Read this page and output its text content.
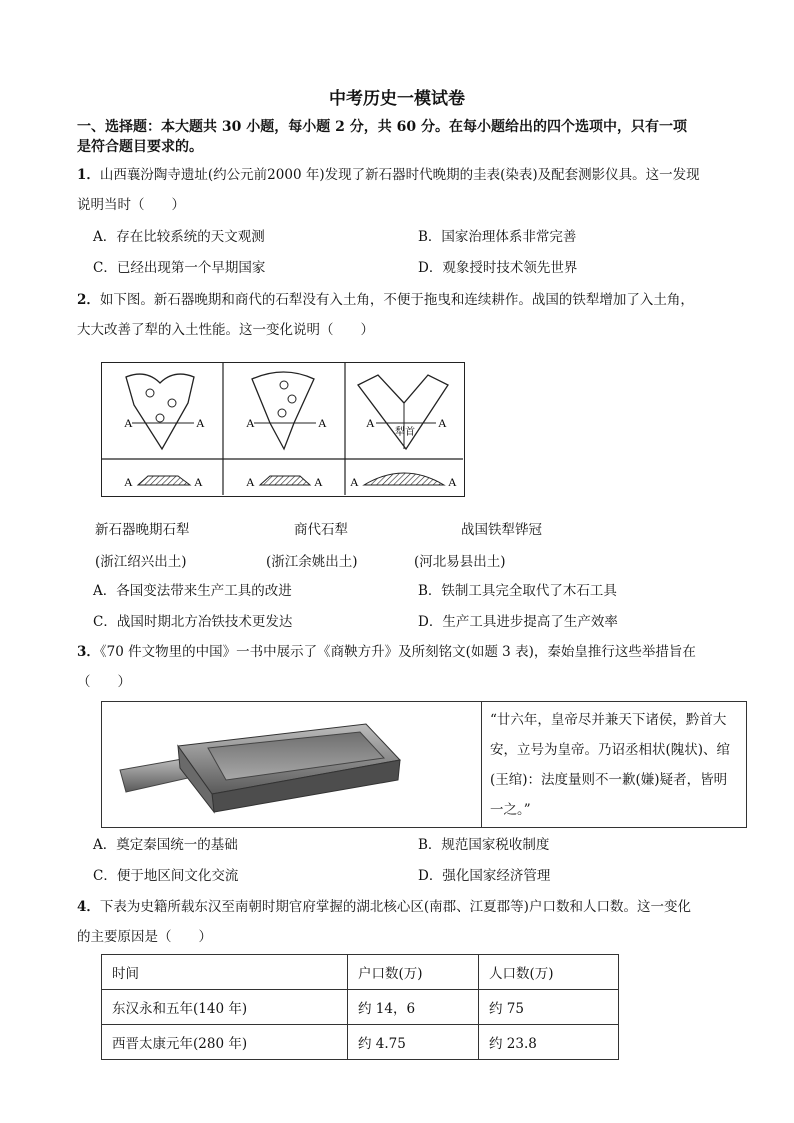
中考历史一模试卷
一、选择题：本大题共 30 小题，每小题 2 分，共 60 分。在每小题给出的四个选项中，只有一项
是符合题目要求的。
1．山西襄汾陶寺遗址(约公元前2000 年)发现了新石器时代晚期的圭表(染表)及配套测影仪具。这一发现
说明当时（　　）
A．存在比较系统的天文观测	B．国家治理体系非常完善
C．已经出现第一个早期国家	D．观象授时技术领先世界
2．如下图。新石器晚期和商代的石犁没有入土角，不便于拖曳和连续耕作。战国的铁犁增加了入土角，
大大改善了犁的入土性能。这一变化说明（　　）
A	A
A	A
A	A
A	A
A	A
犁首
A	A
新石器晚期石犁	商代石犁	战国铁犁铧冠
(浙江绍兴出土)	(浙江余姚出土)	(河北易县出土)
A．各国变法带来生产工具的改进	B．铁制工具完全取代了木石工具
C．战国时期北方冶铁技术更发达	D．生产工具进步提高了生产效率
3．《70 件文物里的中国》一书中展示了《商鞅方升》及所刻铭文(如题 3 表)，秦始皇推行这些举措旨在
（　　）
“廿六年，皇帝尽并兼天下诸侯，黔首大
安，立号为皇帝。乃诏丞相状(隗状)、绾
(王绾)：法度量则不一歉(嫌)疑者，皆明
一之。”
A．奠定秦国统一的基础	B．规范国家税收制度
C．便于地区间文化交流	D．强化国家经济管理
4．下表为史籍所载东汉至南朝时期官府掌握的湖北核心区(南郡、江夏郡等)户口数和人口数。这一变化
的主要原因是（　　）
时间	户口数(万)	人口数(万)
东汉永和五年(140 年)	约 14，6	约 75
西晋太康元年(280 年)	约 4.75	约 23.8
